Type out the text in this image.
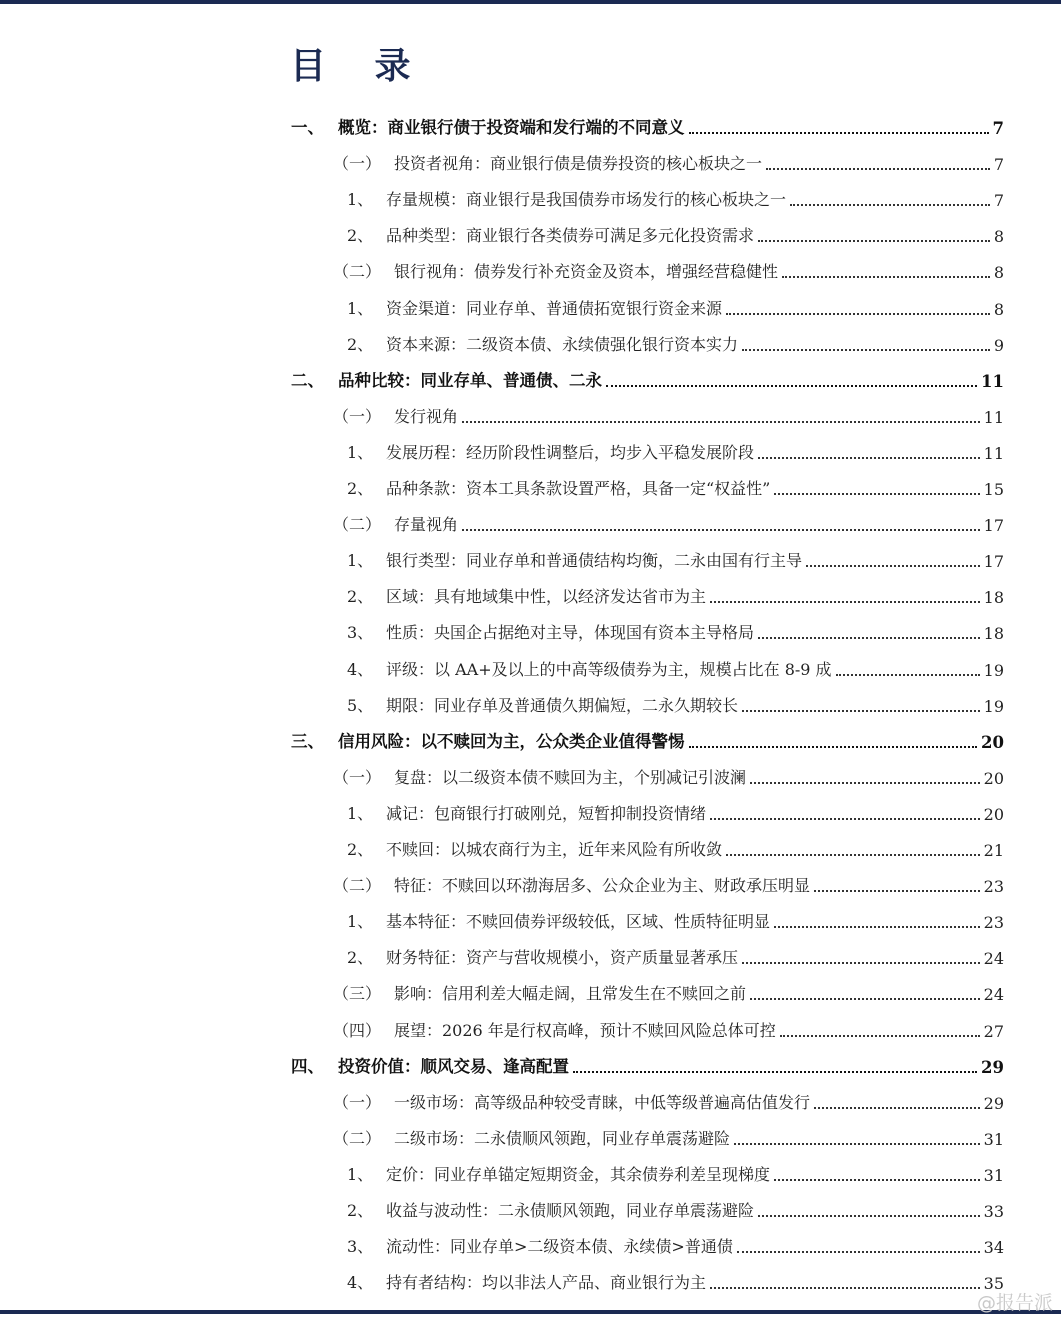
目 录
一、 概览：商业银行债于投资端和发行端的不同意义	7
（一） 投资者视角：商业银行债是债券投资的核心板块之一	7
1、 存量规模：商业银行是我国债券市场发行的核心板块之一	7
2、 品种类型：商业银行各类债券可满足多元化投资需求	8
（二） 银行视角：债券发行补充资金及资本，增强经营稳健性	8
1、 资金渠道：同业存单、普通债拓宽银行资金来源	8
2、 资本来源：二级资本债、永续债强化银行资本实力	9
二、 品种比较：同业存单、普通债、二永	11
（一） 发行视角	11
1、 发展历程：经历阶段性调整后，均步入平稳发展阶段	11
2、 品种条款：资本工具条款设置严格，具备一定“权益性”	15
（二） 存量视角	17
1、 银行类型：同业存单和普通债结构均衡，二永由国有行主导	17
2、 区域：具有地域集中性，以经济发达省市为主	18
3、 性质：央国企占据绝对主导，体现国有资本主导格局	18
4、 评级：以 AA+及以上的中高等级债券为主，规模占比在 8-9 成	19
5、 期限：同业存单及普通债久期偏短，二永久期较长	19
三、 信用风险：以不赎回为主，公众类企业值得警惕	20
（一） 复盘：以二级资本债不赎回为主，个别减记引波澜	20
1、 减记：包商银行打破刚兑，短暂抑制投资情绪	20
2、 不赎回：以城农商行为主，近年来风险有所收敛	21
（二） 特征：不赎回以环渤海居多、公众企业为主、财政承压明显	23
1、 基本特征：不赎回债券评级较低，区域、性质特征明显	23
2、 财务特征：资产与营收规模小，资产质量显著承压	24
（三） 影响：信用利差大幅走阔，且常发生在不赎回之前	24
（四） 展望：2026 年是行权高峰，预计不赎回风险总体可控	27
四、 投资价值：顺风交易、逢高配置	29
（一） 一级市场：高等级品种较受青睐，中低等级普遍高估值发行	29
（二） 二级市场：二永债顺风领跑，同业存单震荡避险	31
1、 定价：同业存单锚定短期资金，其余债券利差呈现梯度	31
2、 收益与波动性：二永债顺风领跑，同业存单震荡避险	33
3、 流动性：同业存单>二级资本债、永续债>普通债	34
4、 持有者结构：均以非法人产品、商业银行为主	35
@报告派
